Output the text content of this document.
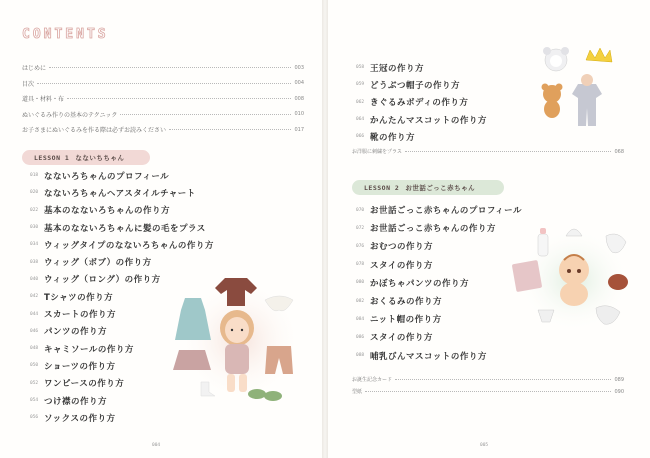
CONTENTS
はじめに	003
目次	004
道具・材料・布	008
ぬいぐるみ作りの基本のテクニック	010
お子さまにぬいぐるみを作る際は必ずお読みください	017
LESSON 1 なないちちゃん
018 なないろちゃんのプロフィール
020 なないろちゃんヘアスタイルチャート
022 基本のなないろちゃんの作り方
030 基本のなないろちゃんに髪の毛をプラス
034 ウィッグタイプのなないろちゃんの作り方
038 ウィッグ（ボブ）の作り方
040 ウィッグ（ロング）の作り方
042 Tシャツの作り方
044 スカートの作り方
046 パンツの作り方
048 キャミソールの作り方
050 ショーツの作り方
052 ワンピースの作り方
054 つけ襟の作り方
056 ソックスの作り方
004
058 王冠の作り方
059 どうぶつ帽子の作り方
062 きぐるみボディの作り方
064 かんたんマスコットの作り方
066 靴の作り方
お洋服に刺繍をプラス	068
LESSON 2 お世話ごっこ赤ちゃん
070 お世話ごっこ赤ちゃんのプロフィール
072 お世話ごっこ赤ちゃんの作り方
076 おむつの作り方
078 スタイの作り方
080 かぼちゃパンツの作り方
082 おくるみの作り方
084 ニット帽の作り方
086 スタイの作り方
088 哺乳びんマスコットの作り方
お誕生記念カード	089
型紙	090
005
